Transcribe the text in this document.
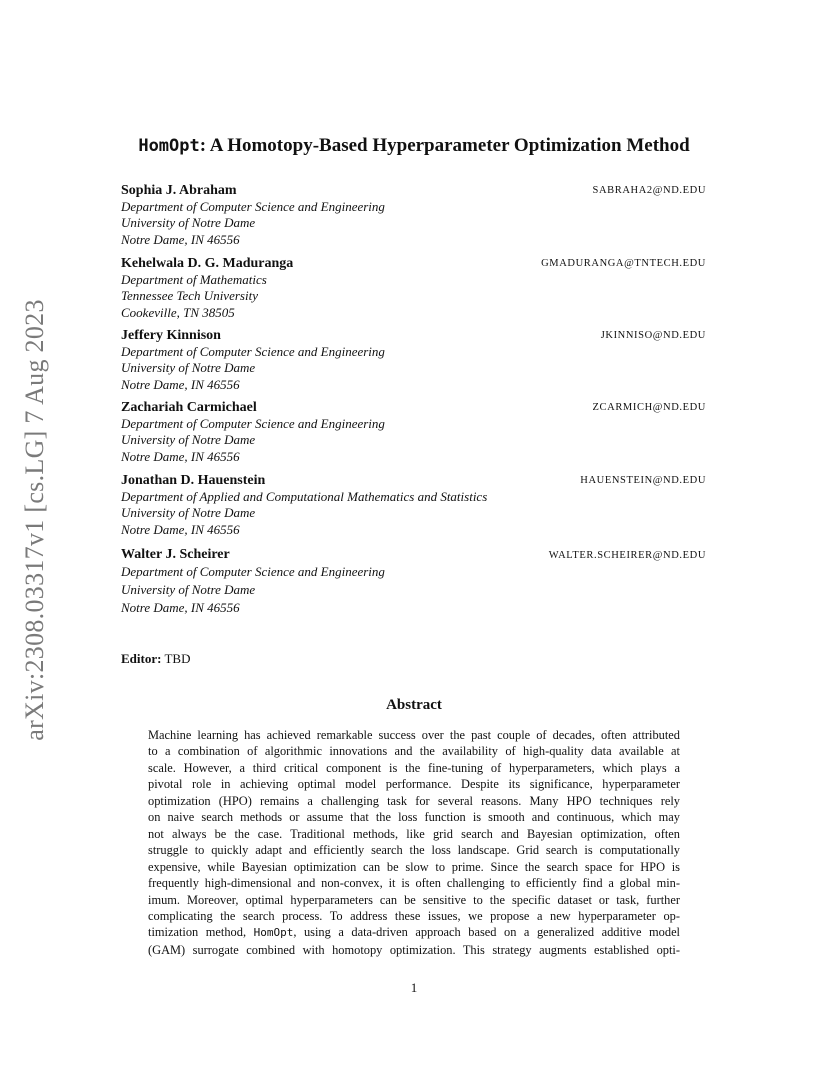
arXiv:2308.03317v1 [cs.LG] 7 Aug 2023
HomOpt: A Homotopy-Based Hyperparameter Optimization Method
Sophia J. Abraham	SABRAHA2@ND.EDU
Department of Computer Science and Engineering
University of Notre Dame
Notre Dame, IN 46556
Kehelwala D. G. Maduranga	GMADURANGA@TNTECH.EDU
Department of Mathematics
Tennessee Tech University
Cookeville, TN 38505
Jeffery Kinnison	JKINNISO@ND.EDU
Department of Computer Science and Engineering
University of Notre Dame
Notre Dame, IN 46556
Zachariah Carmichael	ZCARMICH@ND.EDU
Department of Computer Science and Engineering
University of Notre Dame
Notre Dame, IN 46556
Jonathan D. Hauenstein	HAUENSTEIN@ND.EDU
Department of Applied and Computational Mathematics and Statistics
University of Notre Dame
Notre Dame, IN 46556
Walter J. Scheirer	WALTER.SCHEIRER@ND.EDU
Department of Computer Science and Engineering
University of Notre Dame
Notre Dame, IN 46556
Editor: TBD
Abstract
Machine learning has achieved remarkable success over the past couple of decades, often attributed
to a combination of algorithmic innovations and the availability of high-quality data available at
scale. However, a third critical component is the fine-tuning of hyperparameters, which plays a
pivotal role in achieving optimal model performance. Despite its significance, hyperparameter
optimization (HPO) remains a challenging task for several reasons. Many HPO techniques rely
on naive search methods or assume that the loss function is smooth and continuous, which may
not always be the case. Traditional methods, like grid search and Bayesian optimization, often
struggle to quickly adapt and efficiently search the loss landscape. Grid search is computationally
expensive, while Bayesian optimization can be slow to prime. Since the search space for HPO is
frequently high-dimensional and non-convex, it is often challenging to efficiently find a global min-
imum. Moreover, optimal hyperparameters can be sensitive to the specific dataset or task, further
complicating the search process. To address these issues, we propose a new hyperparameter op-
timization method, HomOpt, using a data-driven approach based on a generalized additive model
(GAM) surrogate combined with homotopy optimization. This strategy augments established opti-
1
